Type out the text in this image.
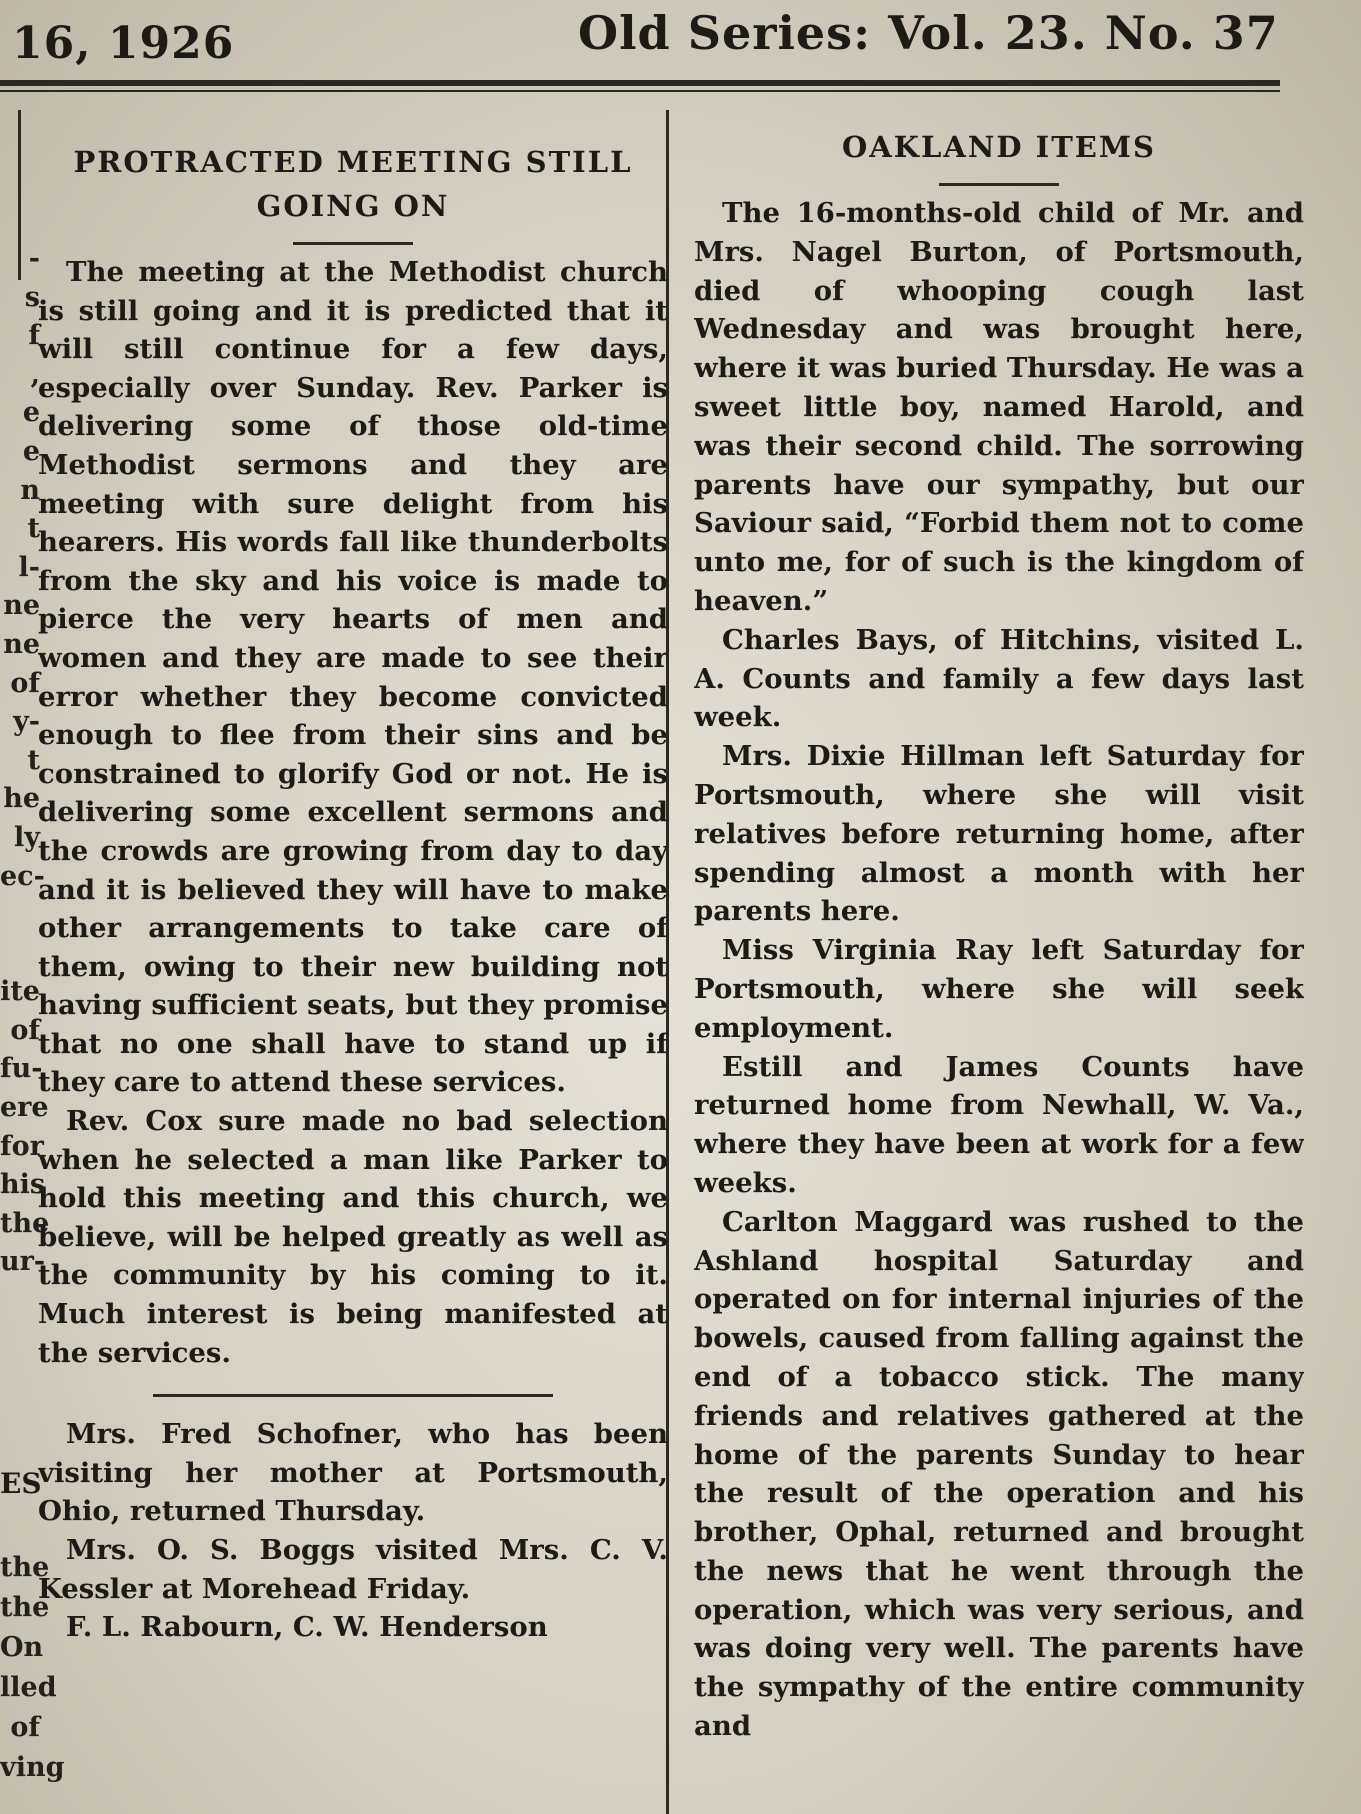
16, 1926	Old Series: Vol. 23. No. 37
-
s
f
,
e
e
n
t
l-
ne
ne
of
y-
t
he
ly
ec-

ite
of
fu-
ere
for
his
the
ur-
ES
the
the
On
lled
of
ving
PROTRACTED MEETING STILL
GOING ON

The meeting at the Methodist church is still going and it is predicted that it will still continue for a few days, especially over Sunday. Rev. Parker is delivering some of those old-time Methodist sermons and they are meeting with sure delight from his hearers. His words fall like thunderbolts from the sky and his voice is made to pierce the very hearts of men and women and they are made to see their error whether they become convicted enough to flee from their sins and be constrained to glorify God or not. He is delivering some excellent sermons and the crowds are growing from day to day and it is believed they will have to make other arrangements to take care of them, owing to their new building not having sufficient seats, but they promise that no one shall have to stand up if they care to attend these services.

Rev. Cox sure made no bad selection when he selected a man like Parker to hold this meeting and this church, we believe, will be helped greatly as well as the community by his coming to it. Much interest is being manifested at the services.

Mrs. Fred Schofner, who has been visiting her mother at Portsmouth, Ohio, returned Thursday.

Mrs. O. S. Boggs visited Mrs. C. V. Kessler at Morehead Friday.

F. L. Rabourn, C. W. Henderson

OAKLAND ITEMS

The 16-months-old child of Mr. and Mrs. Nagel Burton, of Portsmouth, died of whooping cough last Wednesday and was brought here, where it was buried Thursday. He was a sweet little boy, named Harold, and was their second child. The sorrowing parents have our sympathy, but our Saviour said, “Forbid them not to come unto me, for of such is the kingdom of heaven.”

Charles Bays, of Hitchins, visited L. A. Counts and family a few days last week.

Mrs. Dixie Hillman left Saturday for Portsmouth, where she will visit relatives before returning home, after spending almost a month with her parents here.

Miss Virginia Ray left Saturday for Portsmouth, where she will seek employment.

Estill and James Counts have returned home from Newhall, W. Va., where they have been at work for a few weeks.

Carlton Maggard was rushed to the Ashland hospital Saturday and operated on for internal injuries of the bowels, caused from falling against the end of a tobacco stick. The many friends and relatives gathered at the home of the parents Sunday to hear the result of the operation and his brother, Ophal, returned and brought the news that he went through the operation, which was very serious, and was doing very well. The parents have the sympathy of the entire community and
